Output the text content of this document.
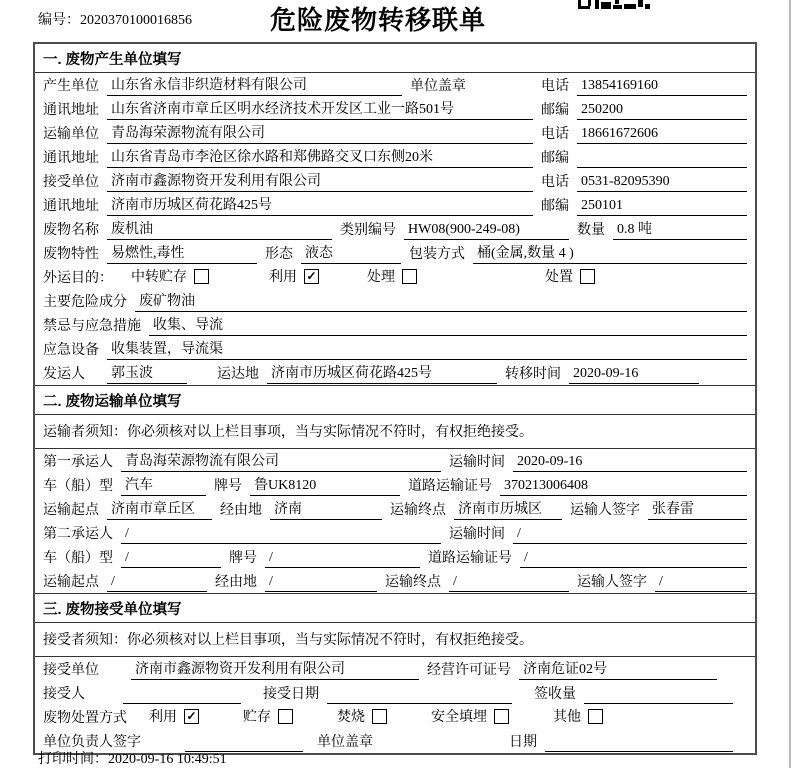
编号：2020370100016856	危险废物转移联单
一. 废物产生单位填写
产生单位 山东省永信非织造材料有限公司	单位盖章	电话 13854169160
通讯地址 山东省济南市章丘区明水经济技术开发区工业一路501号	邮编 250200
运输单位 青岛海荣源物流有限公司	电话 18661672606
通讯地址 山东省青岛市李沧区徐水路和郑佛路交叉口东侧20米	邮编
接受单位 济南市鑫源物资开发利用有限公司	电话 0531-82095390
通讯地址 济南市历城区荷花路425号	邮编 250101
废物名称 废机油	类别编号 HW08(900-249-08)	数量 0.8 吨
废物特性 易燃性,毒性	形态 液态	包装方式 桶(金属,数量 4 )
外运目的： 中转贮存	利用 ✓	处理	处置
主要危险成分 废矿物油
禁忌与应急措施 收集、导流
应急设备 收集装置，导流渠
发运人 郭玉波	运达地 济南市历城区荷花路425号	转移时间 2020-09-16
二. 废物运输单位填写
运输者须知：你必须核对以上栏目事项，当与实际情况不符时，有权拒绝接受。
第一承运人 青岛海荣源物流有限公司	运输时间 2020-09-16
车（船）型 汽车	牌号 鲁UK8120	道路运输证号 370213006408
运输起点 济南市章丘区	经由地 济南	运输终点 济南市历城区	运输人签字 张春雷
第二承运人 /	运输时间 /
车（船）型 /	牌号 /	道路运输证号 /
运输起点 /	经由地 /	运输终点 /	运输人签字 /
三. 废物接受单位填写
接受者须知：你必须核对以上栏目事项，当与实际情况不符时，有权拒绝接受。
接受单位	济南市鑫源物资开发利用有限公司	经营许可证号 济南危证02号
接受人	接受日期	签收量
废物处置方式 利用 ✓	贮存	焚烧	安全填埋	其他
单位负责人签字	单位盖章	日期
打印时间：2020-09-16 10:49:51
